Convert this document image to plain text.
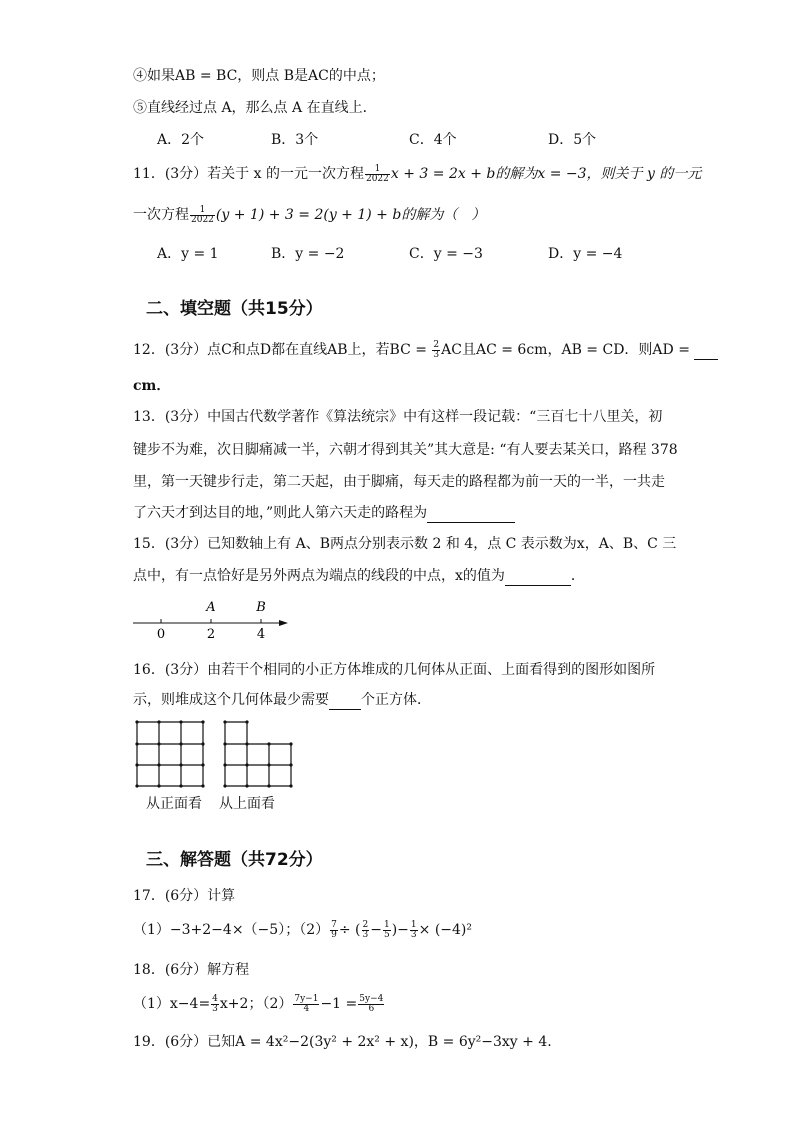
④如果AB = BC，则点 B是AC的中点；
⑤直线经过点 A，那么点 A 在直线上．
A．2个	B．3个	C．4个	D．5个
11．(3分）若关于 x 的一元一次方程 $\frac{1}{2022}$ x + 3 = 2x + b的解为x = −3，则关于 y 的一元
一次方程 $\frac{1}{2022} (y + 1) + 3 = 2(y + 1) + b$的解为（　）
A．y = 1	B．y = −2	C．y = −3	D．y = −4
二、填空题（共15分）
12．(3分）点C和点D都在直线AB上，若BC = $\frac{2}{3}$ AC且AC = 6cm，AB = CD．则AD =
cm．
13．(3分）中国古代数学著作《算法统宗》中有这样一段记载：“三百七十八里关，初
键步不为难，次日脚痛减一半，六朝才得到其关”其大意是: “有人要去某关口，路程 378
里，第一天键步行走，第二天起，由于脚痛，每天走的路程都为前一天的一半，一共走
了六天才到达目的地，”则此人第六天走的路程为
15．(3分）已知数轴上有 A、B两点分别表示数 2 和 4，点 C 表示数为x，A、B、C 三
点中，有一点恰好是另外两点为端点的线段的中点，x的值为	．
A	B
0	2	4
16．(3分）由若干个相同的小正方体堆成的几何体从正面、上面看得到的图形如图所
示，则堆成这个几何体最少需要 个正方体．
从正面看 从上面看
三、解答题（共72分）
17．(6分）计算
（1）−3+2−4×（−5）；$(2) \frac{7}{9}$ ÷ ( $\frac{2}{3} - \frac{1}{5}$ )− $\frac{1}{3} \times (-4)^2$
18．(6分）解方程
$(1)x-4= \frac{4}{3} x+2$；$(2) \frac{7y-1}{4} -1 = \frac{5y-4}{6}$
19．(6分）已知A = 4x²−2(3y² + 2x² + x)，B = 6y²−3xy + 4.
